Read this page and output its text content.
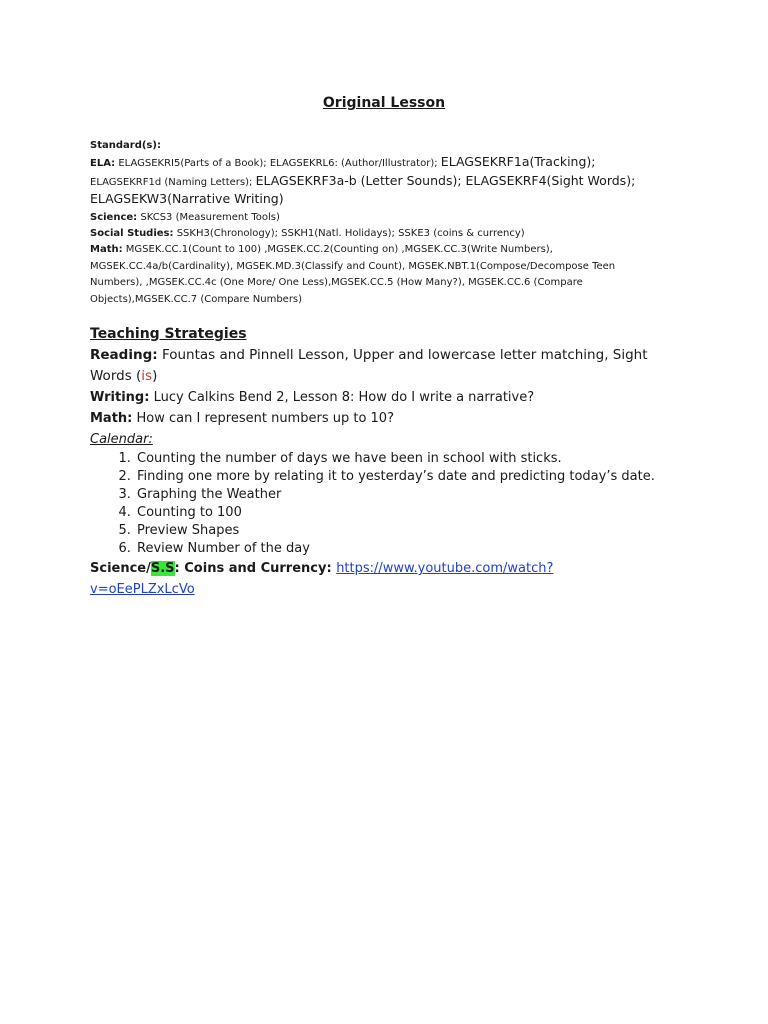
Original Lesson
Standard(s):
ELA: ELAGSEKRI5(Parts of a Book); ELAGSEKRL6: (Author/Illustrator); ELAGSEKRF1a(Tracking);
ELAGSEKRF1d (Naming Letters); ELAGSEKRF3a-b (Letter Sounds); ELAGSEKRF4(Sight Words);
ELAGSEKW3(Narrative Writing)
Science: SKCS3 (Measurement Tools)
Social Studies: SSKH3(Chronology); SSKH1(Natl. Holidays); SSKE3 (coins & currency)
Math: MGSEK.CC.1(Count to 100) ,MGSEK.CC.2(Counting on) ,MGSEK.CC.3(Write Numbers),
MGSEK.CC.4a/b(Cardinality), MGSEK.MD.3(Classify and Count), MGSEK.NBT.1(Compose/Decompose Teen
Numbers), ,MGSEK.CC.4c (One More/ One Less),MGSEK.CC.5 (How Many?), MGSEK.CC.6 (Compare
Objects),MGSEK.CC.7 (Compare Numbers)
Teaching Strategies
Reading: Fountas and Pinnell Lesson, Upper and lowercase letter matching, Sight
Words (is)
Writing: Lucy Calkins Bend 2, Lesson 8: How do I write a narrative?
Math: How can I represent numbers up to 10?
Calendar:
1. Counting the number of days we have been in school with sticks.
2. Finding one more by relating it to yesterday’s date and predicting today’s date.
3. Graphing the Weather
4. Counting to 100
5. Preview Shapes
6. Review Number of the day
Science/S.S: Coins and Currency: https://www.youtube.com/watch?
v=oEePLZxLcVo
